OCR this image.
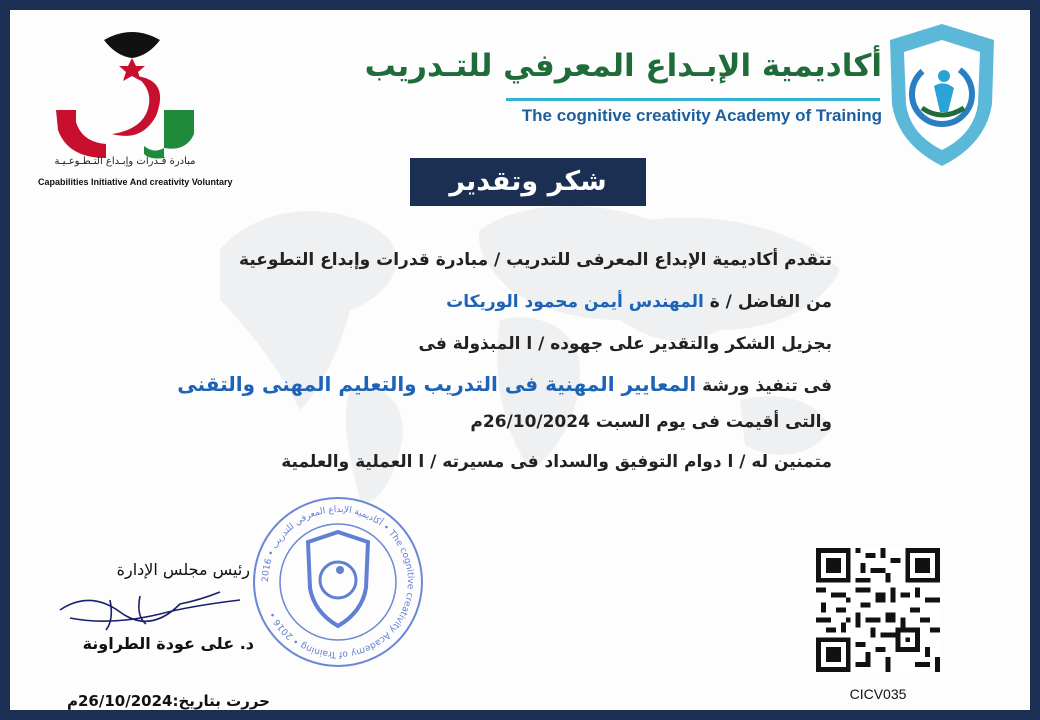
مبادرة قـدرات وإبـداع التـطـوعـيـة
Capabilities Initiative And creativity Voluntary
أكاديمية الإبـداع المعرفي للتـدريب
The cognitive creativity Academy of Training
شكر وتقدير
تتقدم أكاديمية الإبداع المعرفى للتدريب / مبادرة قدرات وإبداع التطوعية
من الفاضل / ة المهندس أيمن محمود الوريكات
بجزيل الشكر والتقدير على جهوده / ا المبذولة فى
فى تنفيذ ورشة المعايير المهنية فى التدريب والتعليم المهنى والتقنى
والتى أقيمت فى يوم السبت 26/10/2024م
متمنين له / ا دوام التوفيق والسداد فى مسيرته / ا العملية والعلمية
أكاديمية الإبداع المعرفي للتدريب • 2016 • The cognitive creativity Academy of Training • 2016 •
رئيس مجلس الإدارة
د. على عودة الطراونة
حررت بتاريخ:26/10/2024م	CICV035
